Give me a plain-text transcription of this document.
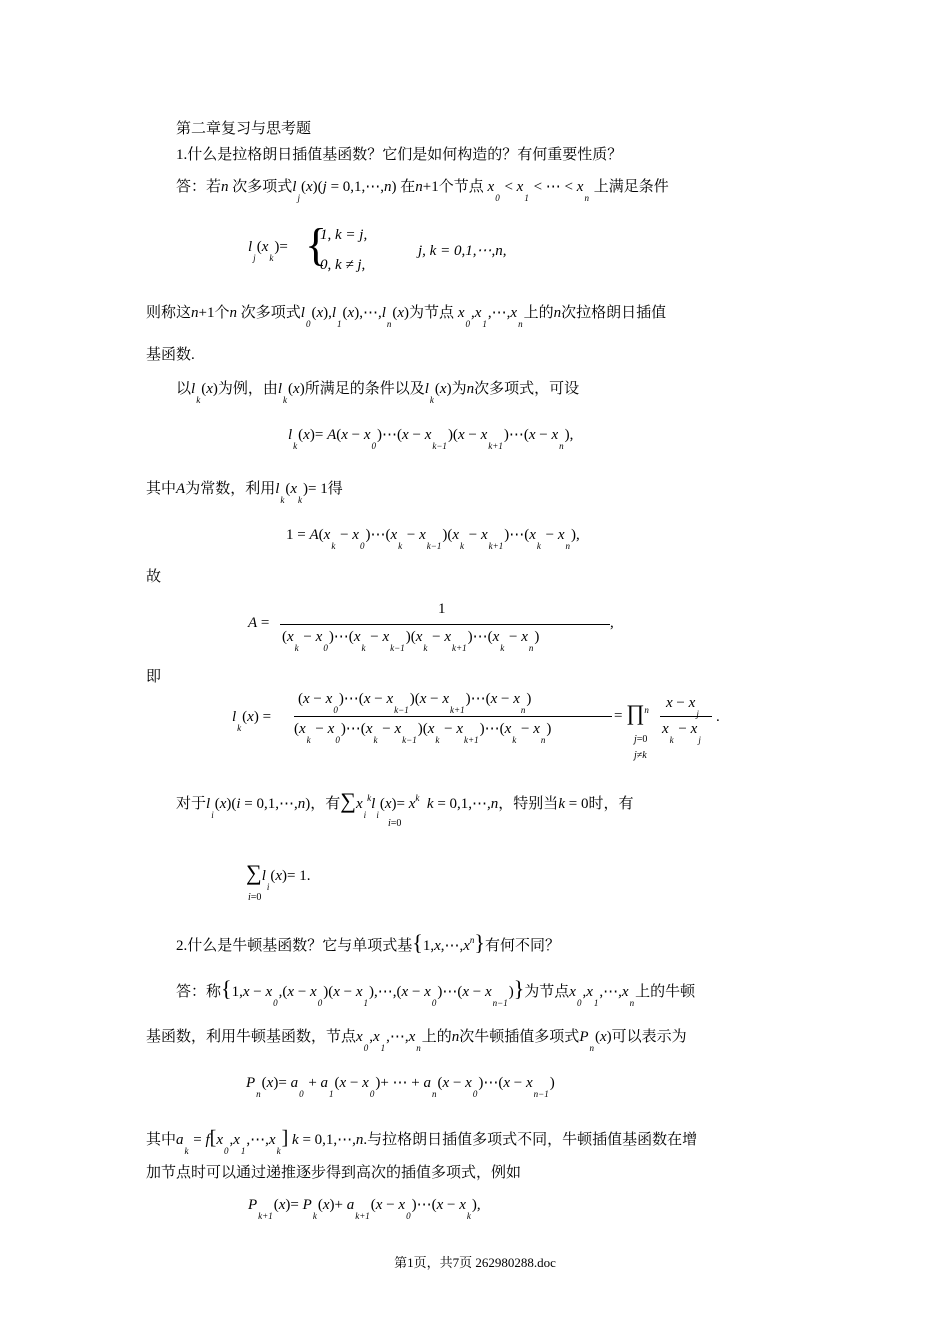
第二章复习与思考题
1.什么是拉格朗日插值基函数？它们是如何构造的？有何重要性质？
答：若n 次多项式$l_j(x)(j$ = 0,1,⋯,n) 在n+1个节点 $x_0 < x_1$ < ⋯ < $x_n$ 上满足条件
$l_j(x_k)=$ {
1, k = j,
0, k ≠ j,
j, k = 0,1,⋯,n,
则称这n+1个n 次多项式$l_0(x),l_1(x),\cdots,l_n(x)$为节点 $x_0,x_1,\cdots,x_n$上的n次拉格朗日插值
基函数.
以$l_k(x)$为例，由$l_k(x)$所满足的条件以及$l_k(x)$为n次多项式，可设
$l_k(x)= A(x$ − $x_0)\cdots(x - x_{k-1})(x$ − $x_{k+1})\cdots(x - x_n)$,
其中A为常数，利用$l_k(x_k)= 1$得
$1 = A(x_k$ − $x_0)\cdots(x_k - x_{k-1})(x_k$ − $x_{k+1})\cdots(x_k - x_n)$,
故
A =
1
($x_k$ − $x_0)\cdots(x_k - x_{k-1})(x_k$ − $x_{k+1})\cdots(x_k - x_n)$
,
即
$l_k(x)$ =
$(x - x_0)\cdots(x - x_{k-1})(x$ − $x_{k+1})\cdots(x - x_n)$
($x_k$ − $x_0)\cdots(x_k - x_{k-1})(x_k$ − $x_{k+1})\cdots(x_k - x_n)$
= ∏$^n$
j=0
j≠k
$x - x_j$
$x_k - x_j$
.
对于$l_i(x)(i$ = 0,1,⋯,n)，有$\sum x_i^kl_i(x)= x^k$ k = 0,1,⋯,n，特别当k = 0时，有
i=0
$\sum l_i(x)= 1$.
i=0
2.什么是牛顿基函数？它与单项式基$\{1,x,\cdots,x^n\}$有何不同？
答：称{$1,x - x_0,(x - x_0)(x$ − $x_1),\cdots,(x$ − $x_0)\cdots(x - x_{n-1})$}为节点$x_0,x_1,\cdots,x_n$上的牛顿
基函数，利用牛顿基函数，节点$x_0,x_1,\cdots,x_n$上的n次牛顿插值多项式$P_n(x)$可以表示为
$P_n(x)= a_0 + a_1(x - x_0)+$ ⋯ + $a_n(x$ − $x_0)\cdots(x - x_{n-1})$
其中$a_k$ = $f[x_0,x_1,\cdots,x_k] k$ = 0,1,⋯,n.与拉格朗日插值多项式不同，牛顿插值基函数在增
加节点时可以通过递推逐步得到高次的插值多项式，例如
$P_{k+1}(x)= P_k(x)+ a_{k+1}(x$ − $x_0)\cdots(x - x_k)$,
第1页，共7页 262980288.doc
